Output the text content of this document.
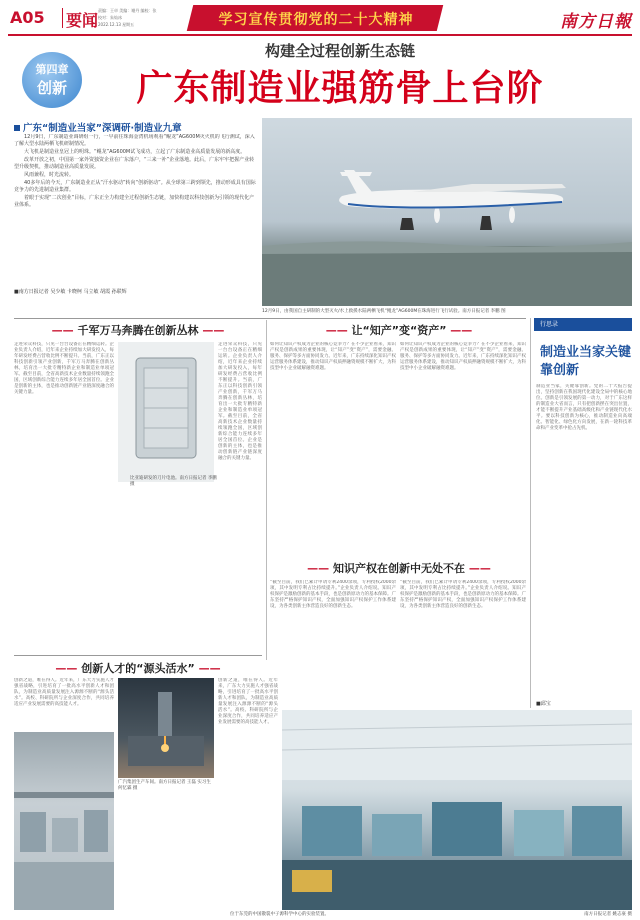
A05 要闻
责编：王卓 美编：谢丹 编校：张
校对：朱灿冰
2022.12.13 星期五	学习宣传贯彻党的二十大精神	南方日報
第四章
创新
构建全过程创新生态链
广东制造业强筋骨上台阶
广东“制造业当家”深调研·制造业九章

12月9日，广东制造业调研组一行，一早前往珠海金湾机场观看“鲲龙”AG600M灭火机的飞行测试，深入了解大型水陆两栖飞机研制情况。

大飞机是制造业皇冠上的明珠。“鲲龙”AG600M试飞成功，立起了广东制造业高质量发展的新高度。

改革开放之初，中国第一家外资独资企业在广东落户，“三来一补”企业落地。此后，广东牢牢把握产业转型升级契机，推动制造业高质量发展。

风雨兼程，时光流转。

40多年后的今天，广东制造业正从“汗水驱动”转向“创新驱动”。从全球第三跨到领先，推动形成具有国际竞争力的先进制造业集群。

着眼于实现“二次创业”目标，广东正全力构建全过程创新生态链，加快构建以科技创新为引领的现代化产业体系。

■南方日报记者 吴少敏 卡晓柯 马立敏 胡霞 孙联辉
12月9日，由我国自主研制的大型灭火/水上救援水陆两栖飞机“鲲龙”AG600M在珠海进行飞行试验。南方日报记者 李鹏 图
—— 千军万马奔腾在创新丛林 ——
走进荣众科技，只见一台台设备正在精细运转。企业负责人介绍，近年来企业持续加大研发投入，每年研发经费占营收比例不断提升。当前，广东正以科技创新引领产业创新，千军万马奔腾在创新丛林，培育出一大批专精特新企业和制造业单项冠军。截至目前，全省高新技术企业数量持续领跑全国，区域创新综合能力连续多年居全国首位。企业是创新的主体，也是推动创新链产业链深度融合的关键力量。
比亚迪研发的刀片电池。南方日报记者 李鹏 摄
走进荣众科技，只见一台台设备正在精细运转。企业负责人介绍，近年来企业持续加大研发投入，每年研发经费占营收比例不断提升。当前，广东正以科技创新引领产业创新，千军万马奔腾在创新丛林，培育出一大批专精特新企业和制造业单项冠军。截至目前，全省高新技术企业数量持续领跑全国，区域创新综合能力连续多年居全国首位。企业是创新的主体，也是推动创新链产业链深度融合的关键力量。
—— 让“知产”变“资产” ——
如何让知识产权成为企业的核心竞争力？在不少企业看来，知识产权是创新成果的重要体现，让“知产”变“资产”，需要金融、服务、保护等多方面协同发力。近年来，广东持续深化知识产权运营服务体系建设，推动知识产权质押融资规模不断扩大，为科技型中小企业破解融资难题。
如何让知识产权成为企业的核心竞争力？在不少企业看来，知识产权是创新成果的重要体现，让“知产”变“资产”，需要金融、服务、保护等多方面协同发力。近年来，广东持续深化知识产权运营服务体系建设，推动知识产权质押融资规模不断扩大，为科技型中小企业破解融资难题。
—— 知识产权在创新中无处不在 ——
“截至目前，我们已累计申请专利2400余项，专利授权2000余项，其中发明专利占比持续提升。”企业负责人介绍说。知识产权保护是激励创新的基本手段，也是创新原动力的基本保障。广东坚持严格保护知识产权，全面加强知识产权保护工作体系建设，为各类创新主体营造良好的创新生态。
“截至目前，我们已累计申请专利2400余项，专利授权2000余项，其中发明专利占比持续提升。”企业负责人介绍说。知识产权保护是激励创新的基本手段，也是创新原动力的基本保障。广东坚持严格保护知识产权，全面加强知识产权保护工作体系建设，为各类创新主体营造良好的创新生态。
—— 创新人才的“源头活水” ——
创新之道，唯在得人。近年来，广东大力实施人才强省战略，引进培育了一批高水平创新人才和团队，为制造业高质量发展注入源源不断的“源头活水”。高校、科研院所与企业深度合作，共同培养适应产业发展需要的高技能人才。
创新之道，唯在得人。近年来，广东大力实施人才强省战略，引进培育了一批高水平创新人才和团队，为制造业高质量发展注入源源不断的“源头活水”。高校、科研院所与企业深度合作，共同培养适应产业发展需要的高技能人才。
广汽集团生产车间。南方日报记者 王磊 实习生 何忆霖 摄
位于东莞的中国散裂中子源科学中心的实验装置。	南方日报记者 姚志豪 摄
行思录
制造业当家关键靠创新
制造业当家，关键靠创新。党的二十大报告提出，坚持创新在我国现代化建设全局中的核心地位。创新是引领发展的第一动力，对于广东这样的制造业大省而言，只有把创新摆在突出位置，才能不断提升产业基础高级化和产业链现代化水平。要以科技创新为核心，推动制造业向高端化、智能化、绿色化方向发展，在新一轮科技革命和产业变革中抢占先机。
■邱宝
